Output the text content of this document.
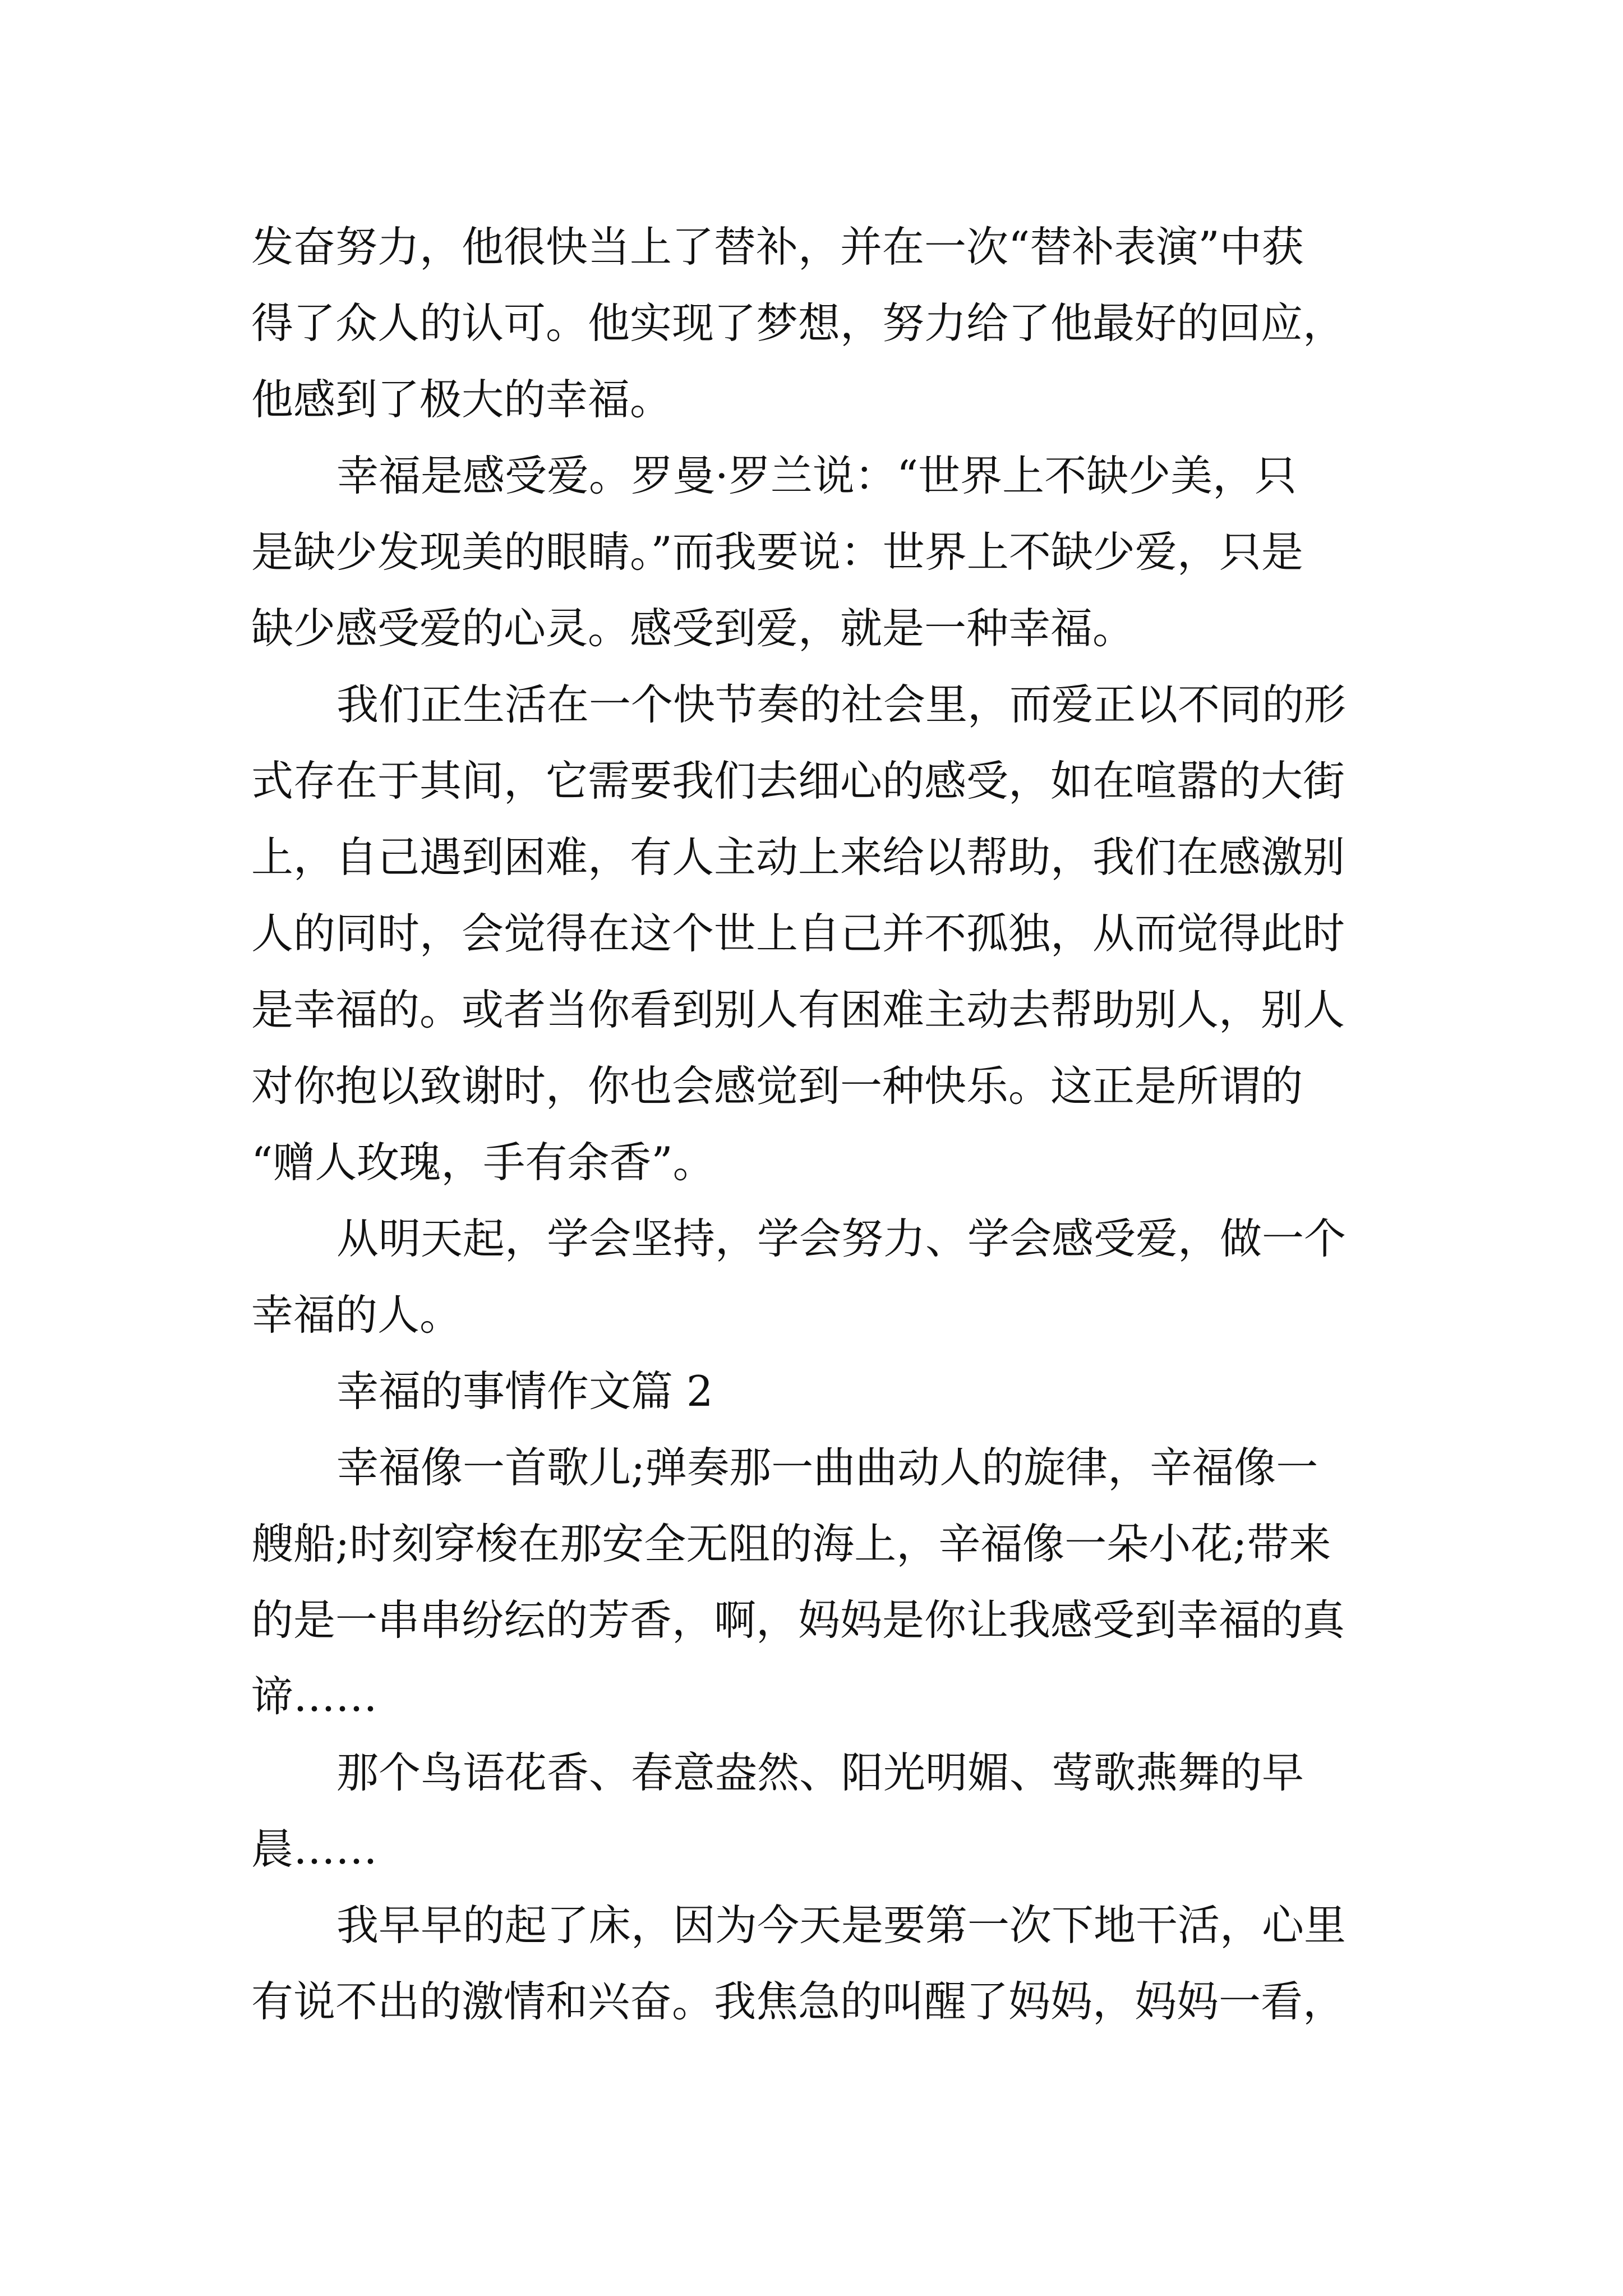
发奋努力，他很快当上了替补，并在一次“替补表演”中获
得了众人的认可。他实现了梦想，努力给了他最好的回应，
他感到了极大的幸福。
幸福是感受爱。罗曼·罗兰说：“世界上不缺少美，只
是缺少发现美的眼睛。”而我要说：世界上不缺少爱，只是
缺少感受爱的心灵。感受到爱，就是一种幸福。
我们正生活在一个快节奏的社会里，而爱正以不同的形
式存在于其间，它需要我们去细心的感受，如在喧嚣的大街
上，自己遇到困难，有人主动上来给以帮助，我们在感激别
人的同时，会觉得在这个世上自己并不孤独，从而觉得此时
是幸福的。或者当你看到别人有困难主动去帮助别人，别人
对你抱以致谢时，你也会感觉到一种快乐。这正是所谓的
“赠人玫瑰，手有余香”。
从明天起，学会坚持，学会努力、学会感受爱，做一个
幸福的人。
幸福的事情作文篇 2
幸福像一首歌儿;弹奏那一曲曲动人的旋律，辛福像一
艘船;时刻穿梭在那安全无阻的海上，辛福像一朵小花;带来
的是一串串纷纭的芳香，啊，妈妈是你让我感受到幸福的真
谛……
那个鸟语花香、春意盎然、阳光明媚、莺歌燕舞的早
晨……
我早早的起了床，因为今天是要第一次下地干活，心里
有说不出的激情和兴奋。我焦急的叫醒了妈妈，妈妈一看，
